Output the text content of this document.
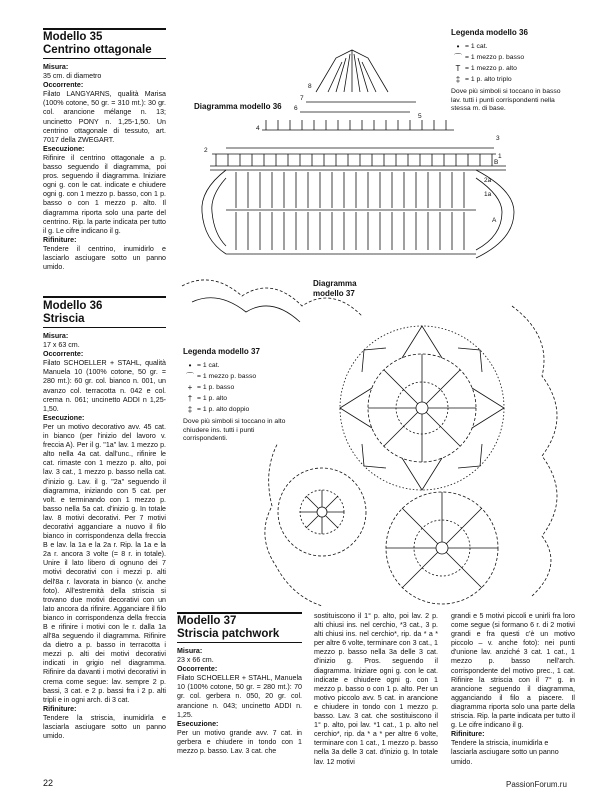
Modello 35
Centrino ottagonale

Misura:

35 cm. di diametro

Occorrente:

Filato LANGYARNS, qualità Marisa (100% cotone, 50 gr. = 310 mt.): 30 gr. col. arancione mélange n. 13; uncinetto PONY n. 1,25-1,50. Un centrino ottagonale di tessuto, art. 7017 della ZWEGART.

Esecuzione:

Rifinire il centrino ottagonale a p. basso seguendo il diagramma, poi pros. seguendo il diagramma. Iniziare ogni g. con le cat. indicate e chiudere ogni g. con 1 mezzo p. basso, con 1 p. basso o con 1 mezzo p. alto. Il diagramma riporta solo una parte del centrino. Rip. la parte indicata per tutto il g. Le cifre indicano il g.

Rifiniture:

Tendere il centrino, inumidirlo e lasciarlo asciugare sotto un panno umido.

Modello 36
Striscia

Misura:

17 x 63 cm.

Occorrente:

Filato SCHOELLER + STAHL, qualità Manuela 10 (100% cotone, 50 gr. = 280 mt.): 60 gr. col. bianco n. 001, un avanzo col. terracotta n. 042 e col. crema n. 061; uncinetto ADDI n 1,25-1,50.

Esecuzione:

Per un motivo decorativo avv. 45 cat. in bianco (per l'inizio del lavoro v. freccia A). Per il g. "1a" lav. 1 mezzo p. alto nella 4a cat. dall'unc., rifinire le cat. rimaste con 1 mezzo p. alto, poi lav. 3 cat., 1 mezzo p. basso nella cat. d'inizio g. Lav. il g. "2a" seguendo il diagramma, iniziando con 5 cat. per volt. e terminando con 1 mezzo p. basso nella 5a cat. d'inizio g. In totale lav. 8 motivi decorativi. Per 7 motivi decorativi agganciare a nuovo il filo bianco in corrispondenza della freccia B e lav. la 1a e la 2a r. Rip. la 1a e la 2a r. ancora 3 volte (= 8 r. in totale). Unire il lato libero di ognuno dei 7 motivi decorativi con i mezzi p. alti dell'8a r. lavorata in bianco (v. anche foto). All'estremità della striscia si trovano due motivi decorativi con un lato ancora da rifinire. Agganciare il filo bianco in corrispondenza della freccia B e rifinire i motivi con le r. dalla 1a all'8a seguendo il diagramma. Rifinire da dietro a p. basso in terracotta i mezzi p. alti dei motivi decorativi indicati in grigio nel diagramma. Rifinire da davanti i motivi decorativi in crema come segue: lav. sempre 2 p. bassi, 3 cat. e 2 p. bassi fra i 2 p. alti tripli e in ogni arch. di 3 cat.

Rifiniture:

Tendere la striscia, inumidirla e lasciarla asciugare sotto un panno umido.

Legenda modello 36
• = 1 cat.
⌒ = 1 mezzo p. basso
T = 1 mezzo p. alto
‡ = 1 p. alto triplo
Dove più simboli si toccano in basso lav. tutti i punti corrispondenti nella stessa m. di base.
Diagramma modello 36
8
7
6
5
4
3
2
1
2a
1a
A
B
Diagramma
modello 37
Legenda modello 37
• = 1 cat.
⌒ = 1 mezzo p. basso
+ = 1 p. basso
† = 1 p. alto
‡ = 1 p. alto doppio
Dove più simboli si toccano in alto chiudere ins. tutti i punti corrispondenti.
Modello 37
Striscia patchwork

Misura:

23 x 66 cm.

Occorrente:

Filato SCHOELLER + STAHL, Manuela 10 (100% cotone, 50 gr. = 280 mt.): 70 gr. col. gerbera n. 050, 20 gr. col. arancione n. 043; uncinetto ADDI n. 1,25.

Esecuzione:

Per un motivo grande avv. 7 cat. in gerbera e chiudere in tondo con 1 mezzo p. basso. Lav. 3 cat. che

sostituiscono il 1° p. alto, poi lav. 2 p. alti chiusi ins. nel cerchio, *3 cat., 3 p. alti chiusi ins. nel cerchio*, rip. da * a * per altre 6 volte, terminare con 3 cat., 1 mezzo p. basso nella 3a delle 3 cat. d'inizio g. Pros. seguendo il diagramma. Iniziare ogni g. con le cat. indicate e chiudere ogni g. con 1 mezzo p. basso o con 1 p. alto. Per un motivo piccolo avv. 5 cat. in arancione e chiudere in tondo con 1 mezzo p. basso. Lav. 3 cat. che sostituiscono il 1° p. alto, poi lav. *1 cat., 1 p. alto nel cerchio*, rip. da * a * per altre 6 volte, terminare con 1 cat., 1 mezzo p. basso nella 3a delle 3 cat. d'inizio g. In totale lav. 12 motivi

grandi e 5 motivi piccoli e unirli fra loro come segue (si formano 6 r. di 2 motivi grandi e fra questi c'è un motivo piccolo – v. anche foto): nei punti d'unione lav. anziché 3 cat. 1 cat., 1 mezzo p. basso nell'arch. corrispondente del motivo prec., 1 cat. Rifinire la striscia con il 7° g. in arancione seguendo il diagramma, agganciando il filo a piacere. Il diagramma riporta solo una parte della striscia. Rip. la parte indicata per tutto il g. Le cifre indicano il g.

Rifiniture:

Tendere la striscia, inumidirla e lasciarla asciugare sotto un panno umido.

22	PassionForum.ru
